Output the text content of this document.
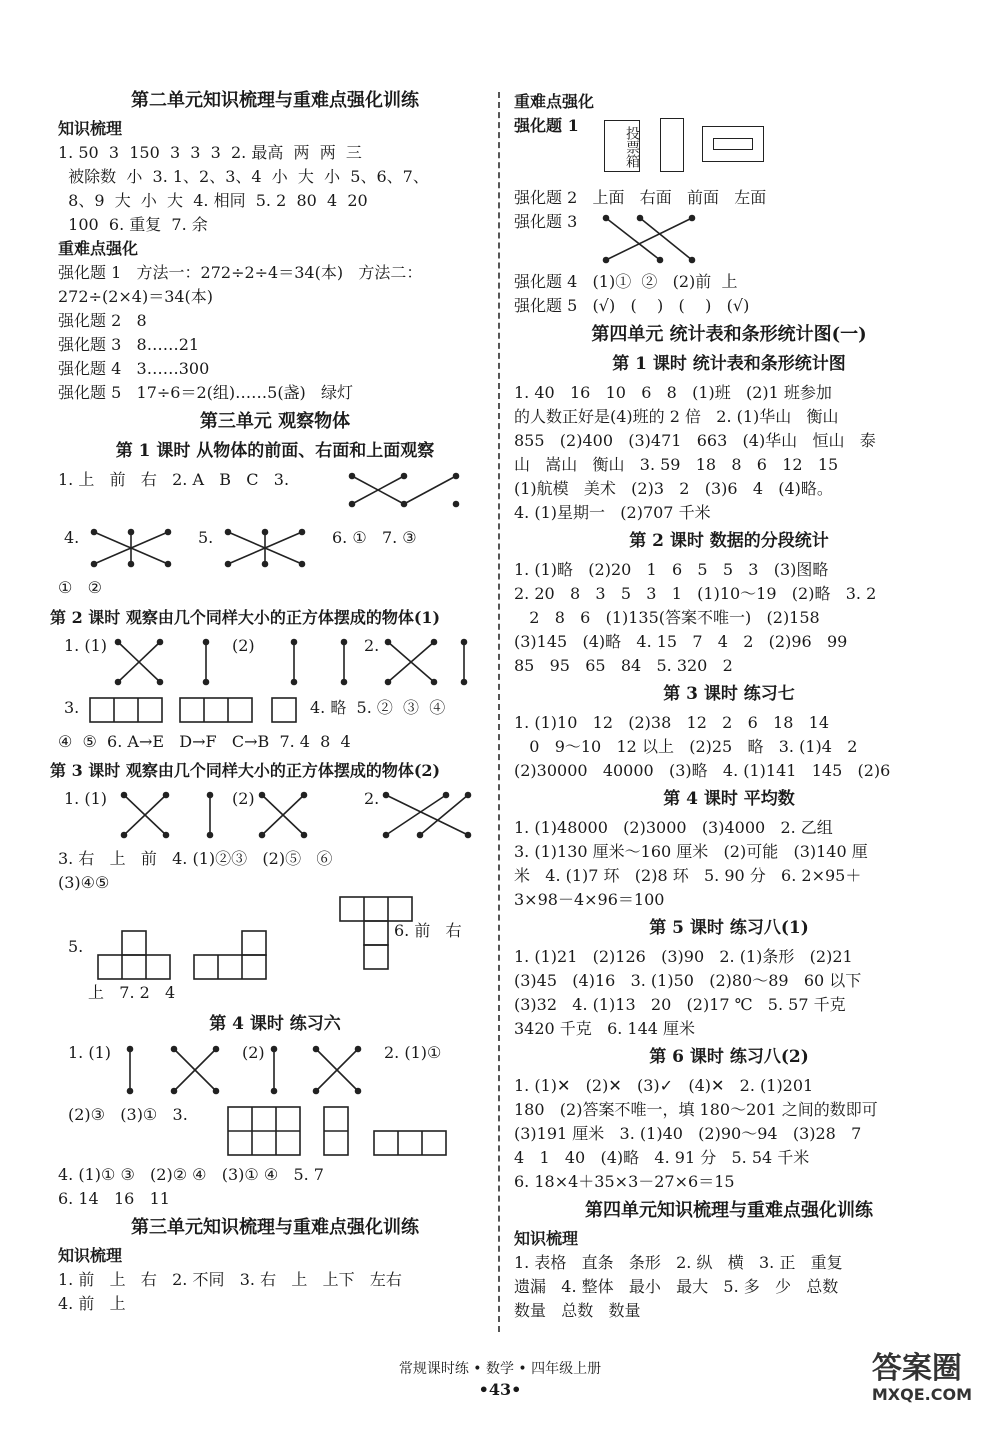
第二单元知识梳理与重难点强化训练
知识梳理
1. 50  3  150  3  3  3  2. 最高  两  两  三
被除数  小  3. 1、2、3、4  小  大  小  5、6、7、
8、9  大  小  大  4. 相同  5. 2  80  4  20
100  6. 重复  7. 余
重难点强化
强化题 1   方法一：272÷2÷4＝34(本)   方法二：
272÷(2×4)＝34(本)
强化题 2   8
强化题 3   8……21
强化题 4   3……300
强化题 5   17÷6＝2(组)……5(盏)   绿灯
第三单元 观察物体
第 1 课时 从物体的前面、右面和上面观察
1. 上   前   右   2. A   B   C   3.
4.	5.	6. ①   7. ③
①   ②
第 2 课时 观察由几个同样大小的正方体摆成的物体(1)
1. (1)	(2)	2.
3.	4. 略  5. ②  ③  ④
④  ⑤  6. A→E   D→F   C→B  7. 4  8  4
第 3 课时 观察由几个同样大小的正方体摆成的物体(2)
1. (1)	(2)	2.
3. 右   上   前   4. (1)②③   (2)⑤   ⑥
(3)④⑤
5.
6. 前   右
上   7. 2   4
第 4 课时 练习六
1. (1)	(2)	2. (1)①
(2)③   (3)①   3.
4. (1)① ③   (2)② ④   (3)① ④   5. 7
6. 14   16   11
第三单元知识梳理与重难点强化训练
知识梳理
1. 前   上   右   2. 不同   3. 右   上   上下   左右
4. 前   上
重难点强化
强化题 1
投票箱
强化题 2   上面   右面   前面   左面
强化题 3
强化题 4   (1)①  ②   (2)前  上
强化题 5   (√)   (    )   (    )   (√)
第四单元 统计表和条形统计图(一)
第 1 课时 统计表和条形统计图
1. 40   16   10   6   8   (1)班   (2)1 班参加
的人数正好是(4)班的 2 倍   2. (1)华山   衡山
855   (2)400   (3)471   663   (4)华山   恒山   泰
山   嵩山   衡山   3. 59   18   8   6   12   15
(1)航模   美术   (2)3   2   (3)6   4   (4)略。
4. (1)星期一   (2)707 千米
第 2 课时 数据的分段统计
1. (1)略   (2)20   1   6   5   5   3   (3)图略
2. 20   8   3   5   3   1   (1)10～19   (2)略   3. 2
2   8   6   (1)135(答案不唯一)   (2)158
(3)145   (4)略   4. 15   7   4   2   (2)96   99
85   95   65   84   5. 320   2
第 3 课时 练习七
1. (1)10   12   (2)38   12   2   6   18   14
0   9～10   12 以上   (2)25   略   3. (1)4   2
(2)30000   40000   (3)略   4. (1)141   145   (2)6
第 4 课时 平均数
1. (1)48000   (2)3000   (3)4000   2. 乙组
3. (1)130 厘米～160 厘米   (2)可能   (3)140 厘
米   4. (1)7 环   (2)8 环   5. 90 分   6. 2×95＋
3×98－4×96＝100
第 5 课时 练习八(1)
1. (1)21   (2)126   (3)90   2. (1)条形   (2)21
(3)45   (4)16   3. (1)50   (2)80～89   60 以下
(3)32   4. (1)13   20   (2)17 ℃   5. 57 千克
3420 千克   6. 144 厘米
第 6 课时 练习八(2)
1. (1)✕   (2)✕   (3)✓   (4)✕   2. (1)201
180   (2)答案不唯一，填 180～201 之间的数即可
(3)191 厘米   3. (1)40   (2)90～94   (3)28   7
4   1   40   (4)略   4. 91 分   5. 54 千米
6. 18×4＋35×3－27×6＝15
第四单元知识梳理与重难点强化训练
知识梳理
1. 表格   直条   条形   2. 纵   横   3. 正   重复
遗漏   4. 整体   最小   最大   5. 多   少   总数
数量   总数   数量
常规课时练 • 数学 • 四年级上册
•43•
答案圈
MXQE.COM
